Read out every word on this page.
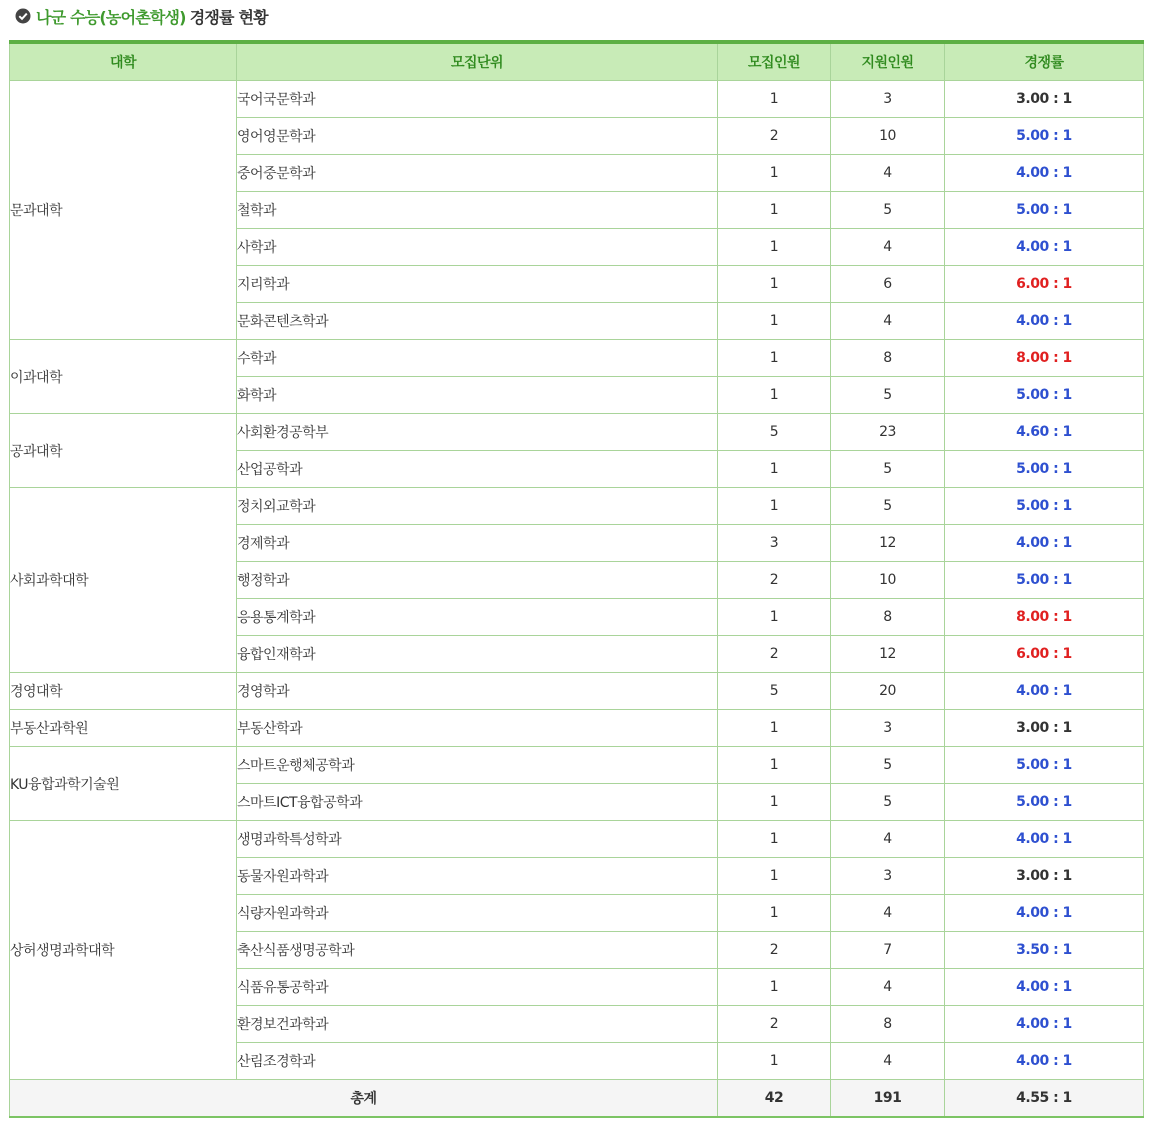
나군 수능(농어촌학생) 경쟁률 현황
대학	모집단위	모집인원	지원인원	경쟁률
문과대학	국어국문학과	1	3	3.00 : 1
	영어영문학과	2	10	5.00 : 1
	중어중문학과	1	4	4.00 : 1
	철학과	1	5	5.00 : 1
	사학과	1	4	4.00 : 1
	지리학과	1	6	6.00 : 1
	문화콘텐츠학과	1	4	4.00 : 1
이과대학	수학과	1	8	8.00 : 1
	화학과	1	5	5.00 : 1
공과대학	사회환경공학부	5	23	4.60 : 1
	산업공학과	1	5	5.00 : 1
사회과학대학	정치외교학과	1	5	5.00 : 1
	경제학과	3	12	4.00 : 1
	행정학과	2	10	5.00 : 1
	응용통계학과	1	8	8.00 : 1
	융합인재학과	2	12	6.00 : 1
경영대학	경영학과	5	20	4.00 : 1
부동산과학원	부동산학과	1	3	3.00 : 1
KU융합과학기술원	스마트운행체공학과	1	5	5.00 : 1
	스마트ICT융합공학과	1	5	5.00 : 1
상허생명과학대학	생명과학특성학과	1	4	4.00 : 1
	동물자원과학과	1	3	3.00 : 1
	식량자원과학과	1	4	4.00 : 1
	축산식품생명공학과	2	7	3.50 : 1
	식품유통공학과	1	4	4.00 : 1
	환경보건과학과	2	8	4.00 : 1
	산림조경학과	1	4	4.00 : 1
총계		42	191	4.55 : 1
